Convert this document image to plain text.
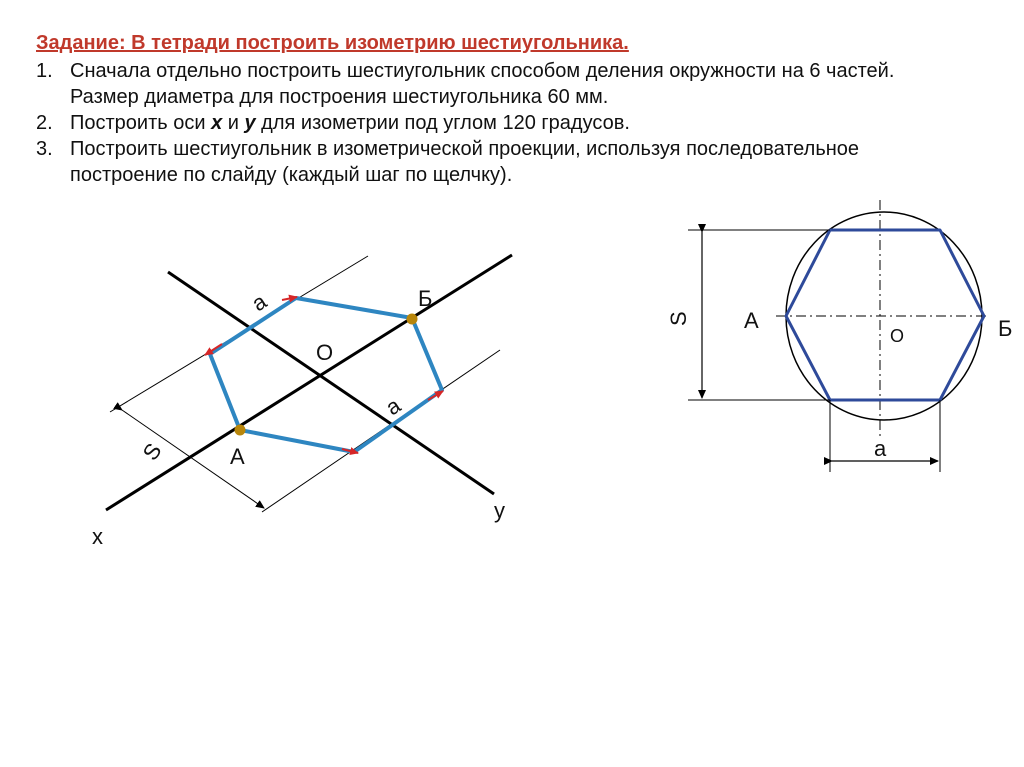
Задание: В тетради построить изометрию шестиугольника.
1. Сначала отдельно построить шестиугольник способом деления окружности на 6 частей. Размер диаметра для построения шестиугольника 60 мм.
2. Построить оси x и y для изометрии под углом 120 градусов.
3. Построить шестиугольник в изометрической проекции, используя последовательное построение по слайду (каждый шаг по щелчку).
x
y
Б
O
А
a
a
S
А	Б
О
S
a
